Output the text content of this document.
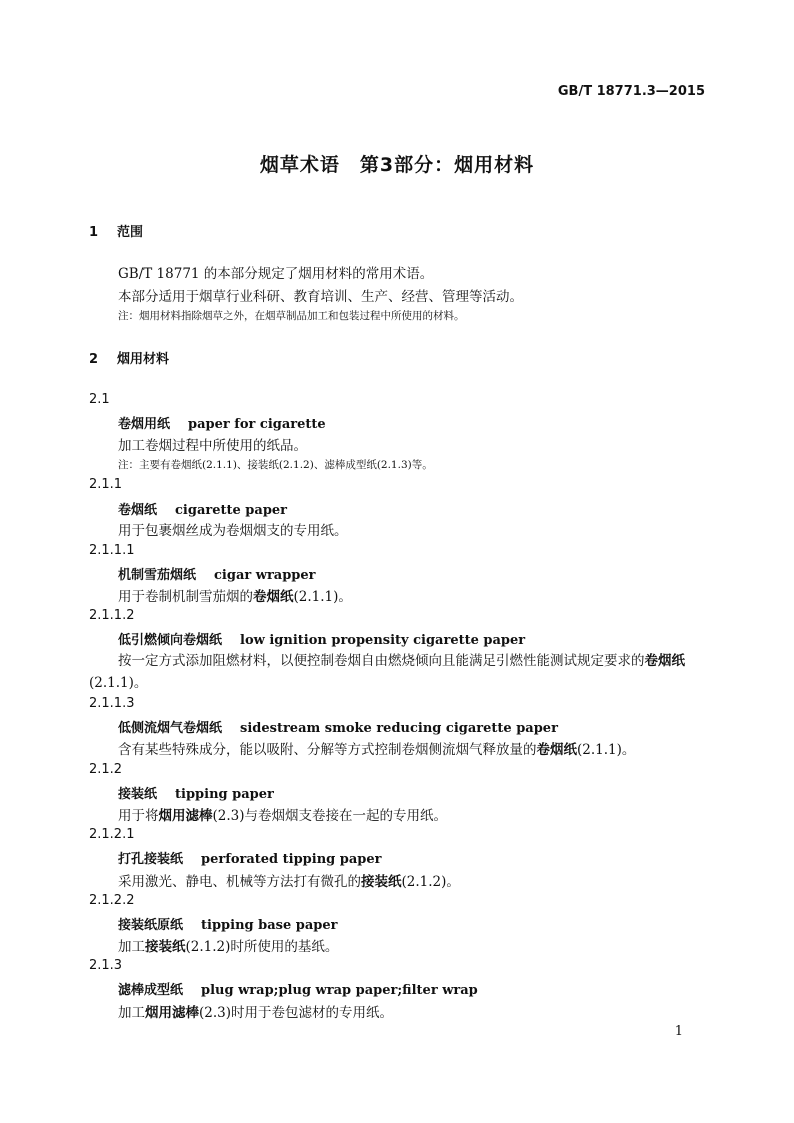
GB/T 18771.3—2015
烟草术语　第3部分：烟用材料
1 范围
GB/T 18771 的本部分规定了烟用材料的常用术语。
本部分适用于烟草行业科研、教育培训、生产、经营、管理等活动。
注：烟用材料指除烟草之外，在烟草制品加工和包装过程中所使用的材料。
2 烟用材料
2.1
卷烟用纸 paper for cigarette
加工卷烟过程中所使用的纸品。
注：主要有卷烟纸(2.1.1)、接装纸(2.1.2)、滤棒成型纸(2.1.3)等。
2.1.1
卷烟纸 cigarette paper
用于包裹烟丝成为卷烟烟支的专用纸。
2.1.1.1
机制雪茄烟纸 cigar wrapper
用于卷制机制雪茄烟的卷烟纸(2.1.1)。
2.1.1.2
低引燃倾向卷烟纸 low ignition propensity cigarette paper
按一定方式添加阻燃材料，以便控制卷烟自由燃烧倾向且能满足引燃性能测试规定要求的卷烟纸(2.1.1)。
2.1.1.3
低侧流烟气卷烟纸 sidestream smoke reducing cigarette paper
含有某些特殊成分，能以吸附、分解等方式控制卷烟侧流烟气释放量的卷烟纸(2.1.1)。
2.1.2
接装纸 tipping paper
用于将烟用滤棒(2.3)与卷烟烟支卷接在一起的专用纸。
2.1.2.1
打孔接装纸 perforated tipping paper
采用激光、静电、机械等方法打有微孔的接装纸(2.1.2)。
2.1.2.2
接装纸原纸 tipping base paper
加工接装纸(2.1.2)时所使用的基纸。
2.1.3
滤棒成型纸 plug wrap;plug wrap paper;filter wrap
加工烟用滤棒(2.3)时用于卷包滤材的专用纸。
1
